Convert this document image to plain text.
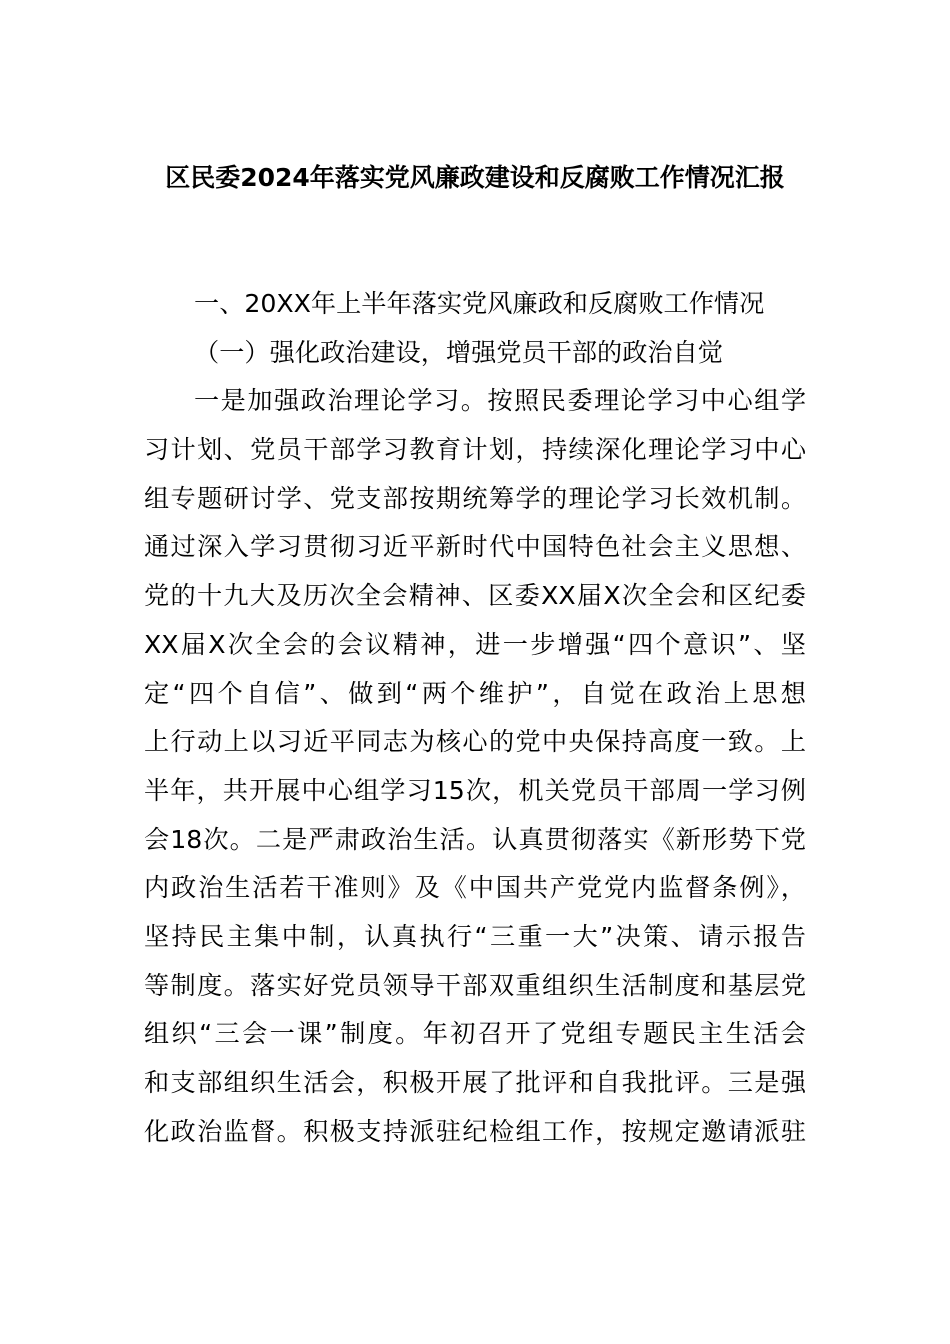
区民委2024年落实党风廉政建设和反腐败工作情况汇报
一、20XX年上半年落实党风廉政和反腐败工作情况
（一）强化政治建设，增强党员干部的政治自觉
一是加强政治理论学习。按照民委理论学习中心组学
习计划、党员干部学习教育计划，持续深化理论学习中心
组专题研讨学、党支部按期统筹学的理论学习长效机制。
通过深入学习贯彻习近平新时代中国特色社会主义思想、
党的十九大及历次全会精神、区委XX届X次全会和区纪委
XX届X次全会的会议精神，进一步增强“四个意识”、坚
定“四个自信”、做到“两个维护”，自觉在政治上思想
上行动上以习近平同志为核心的党中央保持高度一致。上
半年，共开展中心组学习15次，机关党员干部周一学习例
会18次。二是严肃政治生活。认真贯彻落实《新形势下党
内政治生活若干准则》及《中国共产党党内监督条例》，
坚持民主集中制，认真执行“三重一大”决策、请示报告
等制度。落实好党员领导干部双重组织生活制度和基层党
组织“三会一课”制度。年初召开了党组专题民主生活会
和支部组织生活会，积极开展了批评和自我批评。三是强
化政治监督。积极支持派驻纪检组工作，按规定邀请派驻
